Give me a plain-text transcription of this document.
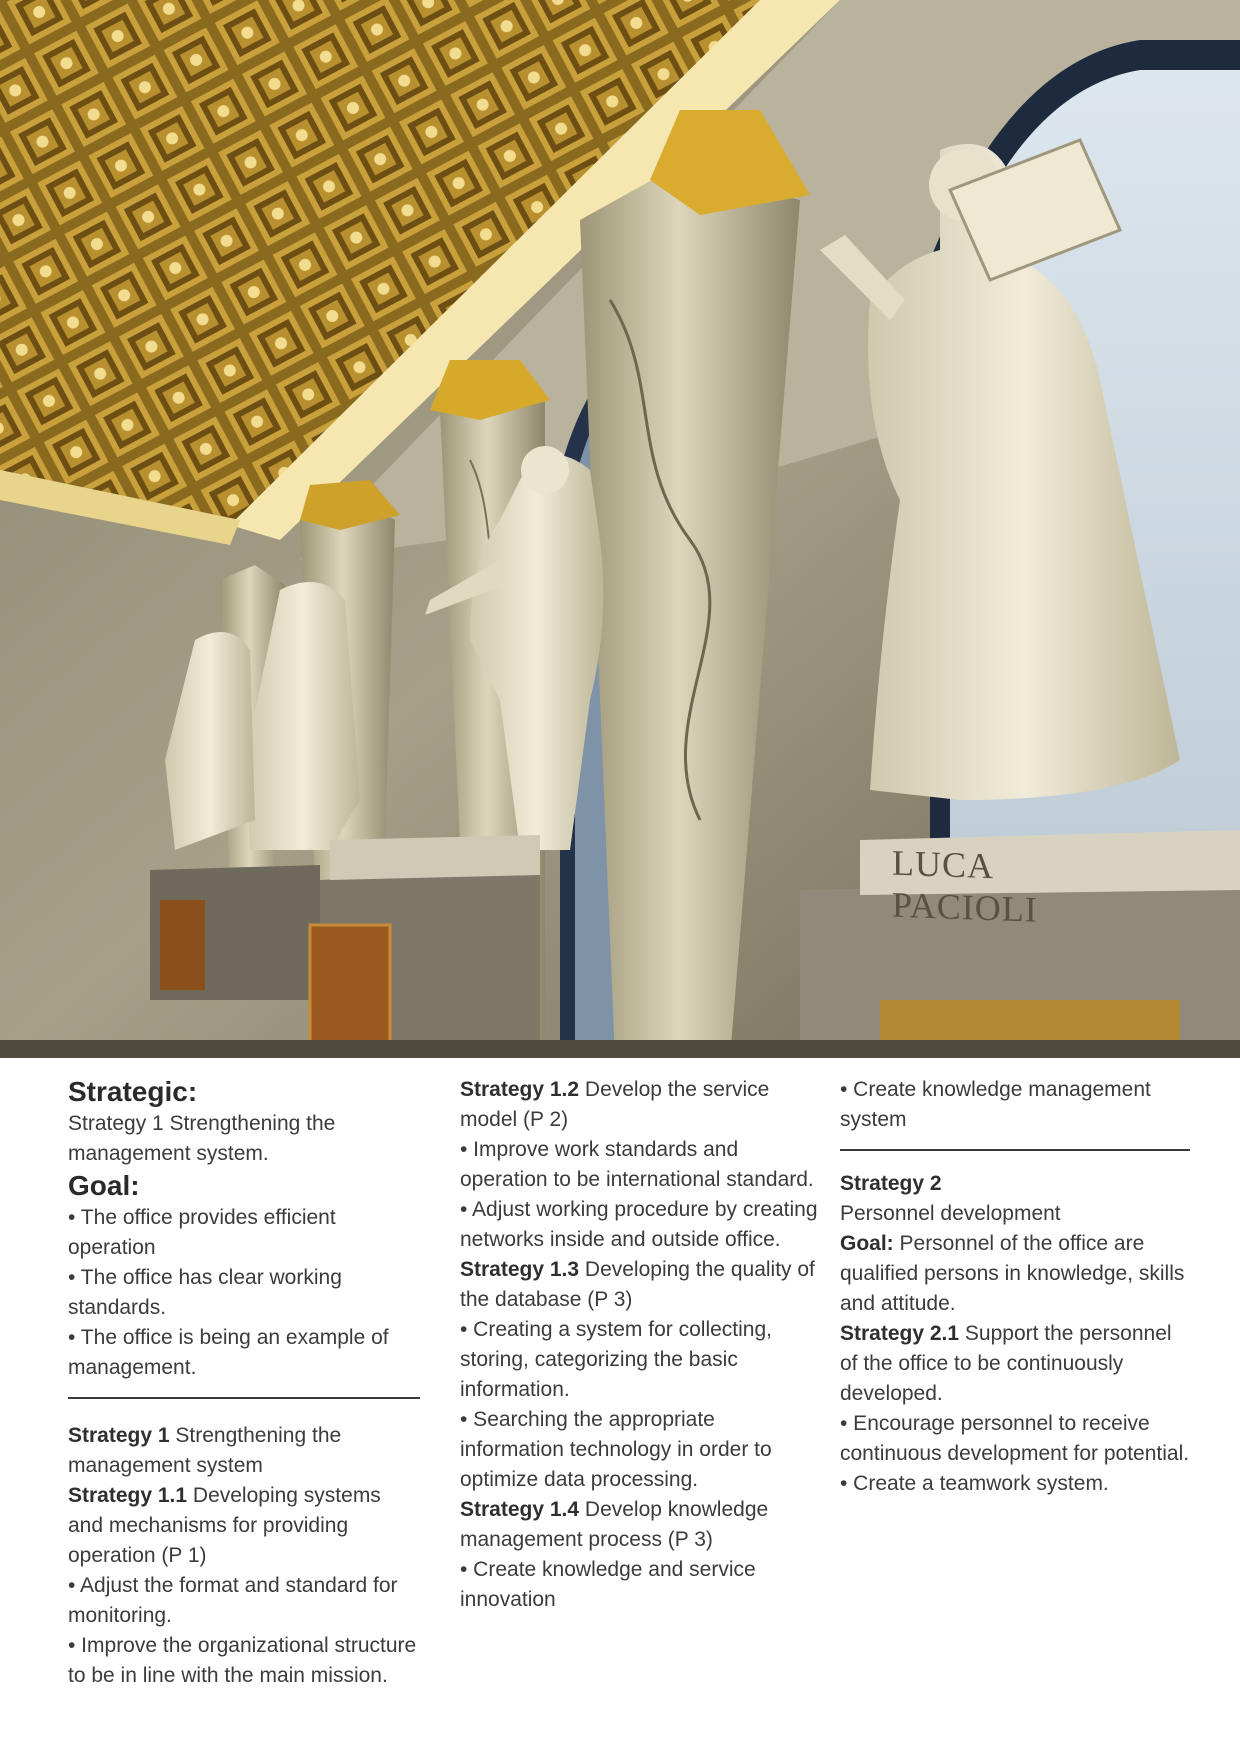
LUCA PACIOLI

Strategic:

Strategy 1 Strengthening the management system.

Goal:

• The office provides efficient operation

• The office has clear working standards.

• The office is being an example of management.

Strategy 1 Strengthening the management system

Strategy 1.1 Developing systems and mechanisms for providing operation (P 1)

• Adjust the format and standard for monitoring.

• Improve the organizational structure to be in line with the main mission.

Strategy 1.2 Develop the service model (P 2)

• Improve work standards and operation to be international standard.

• Adjust working procedure by creating networks inside and outside office.

Strategy 1.3 Developing the quality of the database (P 3)

• Creating a system for collecting, storing, categorizing the basic information.

• Searching the appropriate information technology in order to optimize data processing.

Strategy 1.4 Develop knowledge management process (P 3)

• Create knowledge and service innovation

• Create knowledge management system

Strategy 2

Personnel development

Goal: Personnel of the office are qualified persons in knowledge, skills and attitude.

Strategy 2.1 Support the personnel of the office to be continuously developed.

• Encourage personnel to receive continuous development for potential.

• Create a teamwork system.
